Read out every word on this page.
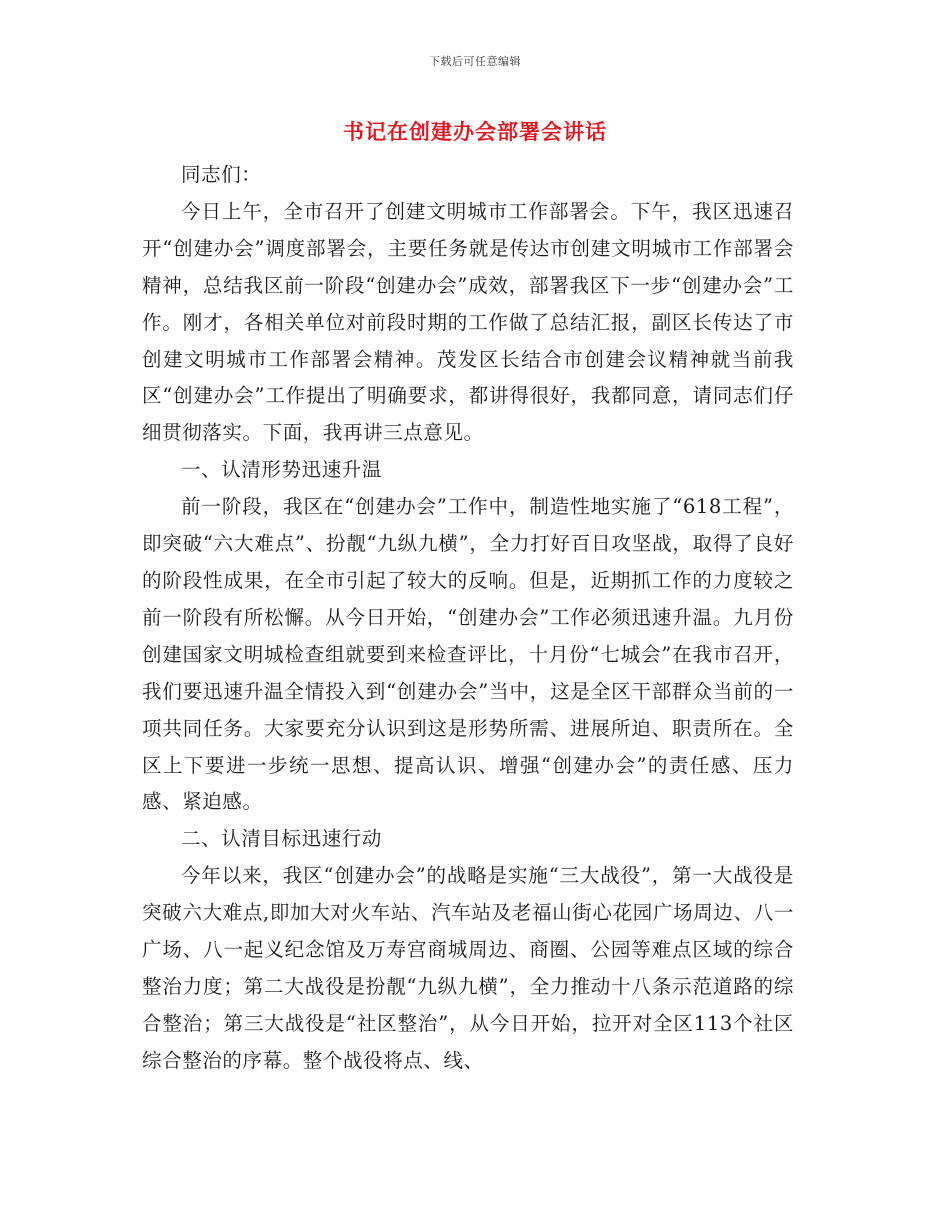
下载后可任意编辑
书记在创建办会部署会讲话

同志们：

今日上午，全市召开了创建文明城市工作部署会。下午，我区迅速召开“创建办会”调度部署会，主要任务就是传达市创建文明城市工作部署会精神，总结我区前一阶段“创建办会”成效，部署我区下一步“创建办会”工作。刚才，各相关单位对前段时期的工作做了总结汇报，副区长传达了市创建文明城市工作部署会精神。茂发区长结合市创建会议精神就当前我区“创建办会”工作提出了明确要求，都讲得很好，我都同意，请同志们仔细贯彻落实。下面，我再讲三点意见。

一、认清形势迅速升温

前一阶段，我区在“创建办会”工作中，制造性地实施了“618工程”，即突破“六大难点”、扮靓“九纵九横”，全力打好百日攻坚战，取得了良好的阶段性成果，在全市引起了较大的反响。但是，近期抓工作的力度较之前一阶段有所松懈。从今日开始，“创建办会”工作必须迅速升温。九月份创建国家文明城检查组就要到来检查评比，十月份“七城会”在我市召开，我们要迅速升温全情投入到“创建办会”当中，这是全区干部群众当前的一项共同任务。大家要充分认识到这是形势所需、进展所迫、职责所在。全区上下要进一步统一思想、提高认识、增强“创建办会”的责任感、压力感、紧迫感。

二、认清目标迅速行动

今年以来，我区“创建办会”的战略是实施“三大战役”，第一大战役是突破六大难点,即加大对火车站、汽车站及老福山街心花园广场周边、八一广场、八一起义纪念馆及万寿宫商城周边、商圈、公园等难点区域的综合整治力度；第二大战役是扮靓“九纵九横”，全力推动十八条示范道路的综合整治；第三大战役是“社区整治”，从今日开始，拉开对全区113个社区综合整治的序幕。整个战役将点、线、
